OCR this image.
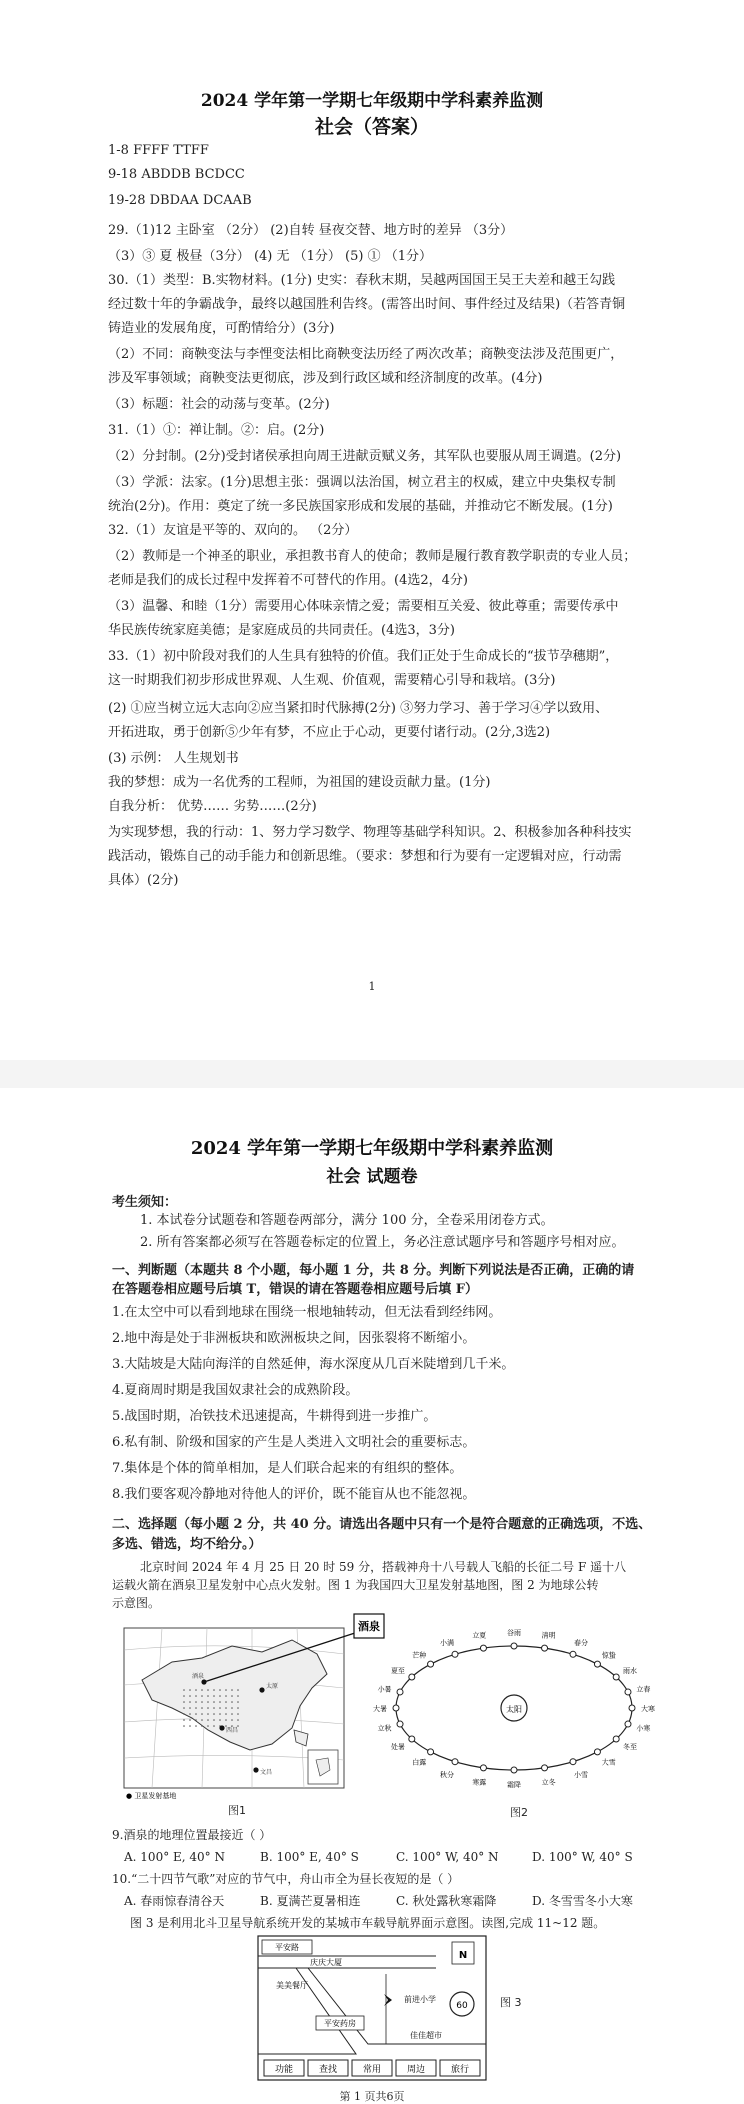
2024 学年第一学期七年级期中学科素养监测
社会（答案）
1-8 FFFF TTFF
9-18 ABDDB BCDCC
19-28 DBDAA DCAAB
29.（1)12 主卧室 （2分） (2)自转 昼夜交替、地方时的差异 （3分）
（3）③ 夏 极昼（3分） (4) 无 （1分） (5) ① （1分）
30.（1）类型：B.实物材料。(1分) 史实：春秋末期，吴越两国国王吴王夫差和越王勾践
经过数十年的争霸战争，最终以越国胜利告终。(需答出时间、事件经过及结果)（若答青铜
铸造业的发展角度，可酌情给分）(3分)
（2）不同：商鞅变法与李悝变法相比商鞅变法历经了两次改革；商鞅变法涉及范围更广，
涉及军事领域；商鞅变法更彻底，涉及到行政区域和经济制度的改革。(4分)
（3）标题：社会的动荡与变革。(2分)
31.（1）①：禅让制。②：启。(2分)
（2）分封制。(2分)受封诸侯承担向周王进献贡赋义务，其军队也要服从周王调遣。(2分)
（3）学派：法家。(1分)思想主张：强调以法治国，树立君主的权威，建立中央集权专制
统治(2分)。作用：奠定了统一多民族国家形成和发展的基础，并推动它不断发展。(1分)
32.（1）友谊是平等的、双向的。 （2分）
（2）教师是一个神圣的职业，承担教书育人的使命；教师是履行教育教学职责的专业人员；
老师是我们的成长过程中发挥着不可替代的作用。(4选2，4分)
（3）温馨、和睦（1分）需要用心体味亲情之爱；需要相互关爱、彼此尊重；需要传承中
华民族传统家庭美德；是家庭成员的共同责任。(4选3，3分)
33.（1）初中阶段对我们的人生具有独特的价值。我们正处于生命成长的“拔节孕穗期”，
这一时期我们初步形成世界观、人生观、价值观，需要精心引导和栽培。(3分)
(2) ①应当树立远大志向②应当紧扣时代脉搏(2分) ③努力学习、善于学习④学以致用、
开拓进取，勇于创新⑤少年有梦，不应止于心动，更要付诸行动。(2分,3选2)
(3) 示例： 人生规划书
我的梦想：成为一名优秀的工程师，为祖国的建设贡献力量。(1分)
自我分析： 优势…… 劣势……(2分)
为实现梦想，我的行动：1、努力学习数学、物理等基础学科知识。2、积极参加各种科技实
践活动，锻炼自己的动手能力和创新思维。（要求：梦想和行为要有一定逻辑对应，行动需
具体）(2分)
1
2024 学年第一学期七年级期中学科素养监测
社会 试题卷
考生须知：
1. 本试卷分试题卷和答题卷两部分，满分 100 分，全卷采用闭卷方式。
2. 所有答案都必须写在答题卷标定的位置上，务必注意试题序号和答题序号相对应。
一、判断题（本题共 8 个小题，每小题 1 分，共 8 分。判断下列说法是否正确，正确的请
在答题卷相应题号后填 T，错误的请在答题卷相应题号后填 F）
1.在太空中可以看到地球在围绕一根地轴转动，但无法看到经纬网。
2.地中海是处于非洲板块和欧洲板块之间，因张裂将不断缩小。
3.大陆坡是大陆向海洋的自然延伸，海水深度从几百米陡增到几千米。
4.夏商周时期是我国奴隶社会的成熟阶段。
5.战国时期，冶铁技术迅速提高，牛耕得到进一步推广。
6.私有制、阶级和国家的产生是人类进入文明社会的重要标志。
7.集体是个体的简单相加，是人们联合起来的有组织的整体。
8.我们要客观冷静地对待他人的评价，既不能盲从也不能忽视。
二、选择题（每小题 2 分，共 40 分。请选出各题中只有一个是符合题意的正确选项，不选、
多选、错选，均不给分。）
北京时间 2024 年 4 月 25 日 20 时 59 分，搭载神舟十八号载人飞船的长征二号 F 遥十八
运载火箭在酒泉卫星发射中心点火发射。图 1 为我国四大卫星发射基地图，图 2 为地球公转
示意图。
酒泉
太原
西昌
文昌
酒泉
● 卫星发射基地
图1
太阳
惊蛰
春分
清明
谷雨
立夏
小满
芒种
夏至
小暑
大暑
立秋
处暑
白露
秋分
寒露	霜降	立冬
小雪
大雪
冬至
小寒
大寒
立春
雨水
图2
9.酒泉的地理位置最接近（ ）
A. 100° E, 40° N	B. 100° E, 40° S	C. 100° W, 40° N	D. 100° W, 40° S
10.“二十四节气歌”对应的节气中，舟山市全为昼长夜短的是（ ）
A. 春雨惊春清谷天	B. 夏满芒夏暑相连	C. 秋处露秋寒霜降	D. 冬雪雪冬小大寒
图 3 是利用北斗卫星导航系统开发的某城市车载导航界面示意图。读图,完成 11~12 题。
平安路
庆庆大厦
美美餐厅
平安药房
前进小学
佳佳超市
N
60
功能	查找	常用	周边	旅行
图 3
第 1 页共6页
